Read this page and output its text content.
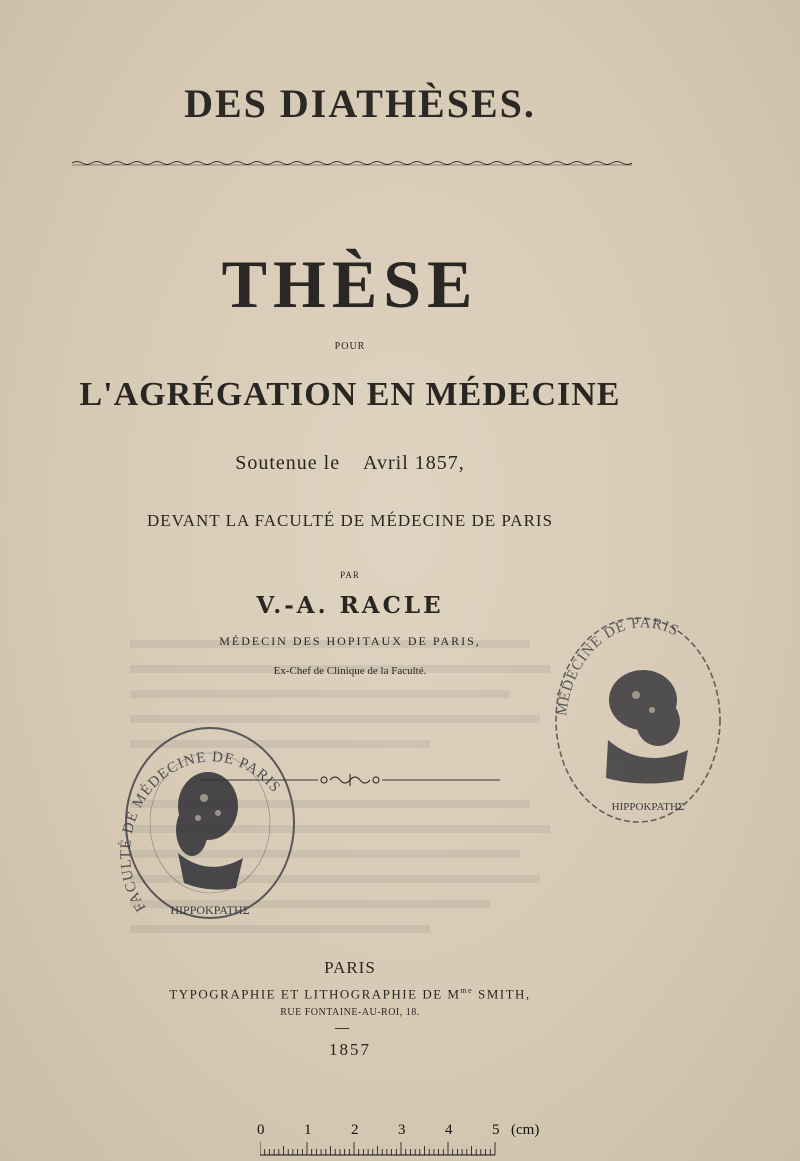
DES DIATHÈSES.
THÈSE
POUR
L'AGRÉGATION EN MÉDECINE
Soutenue le    Avril 1857,
DEVANT LA FACULTÉ DE MÉDECINE DE PARIS
PAR
V.-A. RACLE
MÉDECIN DES HOPITAUX DE PARIS,
Ex-Chef de Clinique de la Faculté.
FACULTÉ DE MÉDECINE DE PARIS
HIPPOKPATHΣ
MÉDECINE DE PARIS
HIPPOKPATHΣ
PARIS
TYPOGRAPHIE ET LITHOGRAPHIE DE $M^{me}$ SMITH,
RUE FONTAINE-AU-ROI, 18.
1857
0	1	2	3	4	5 (cm)
